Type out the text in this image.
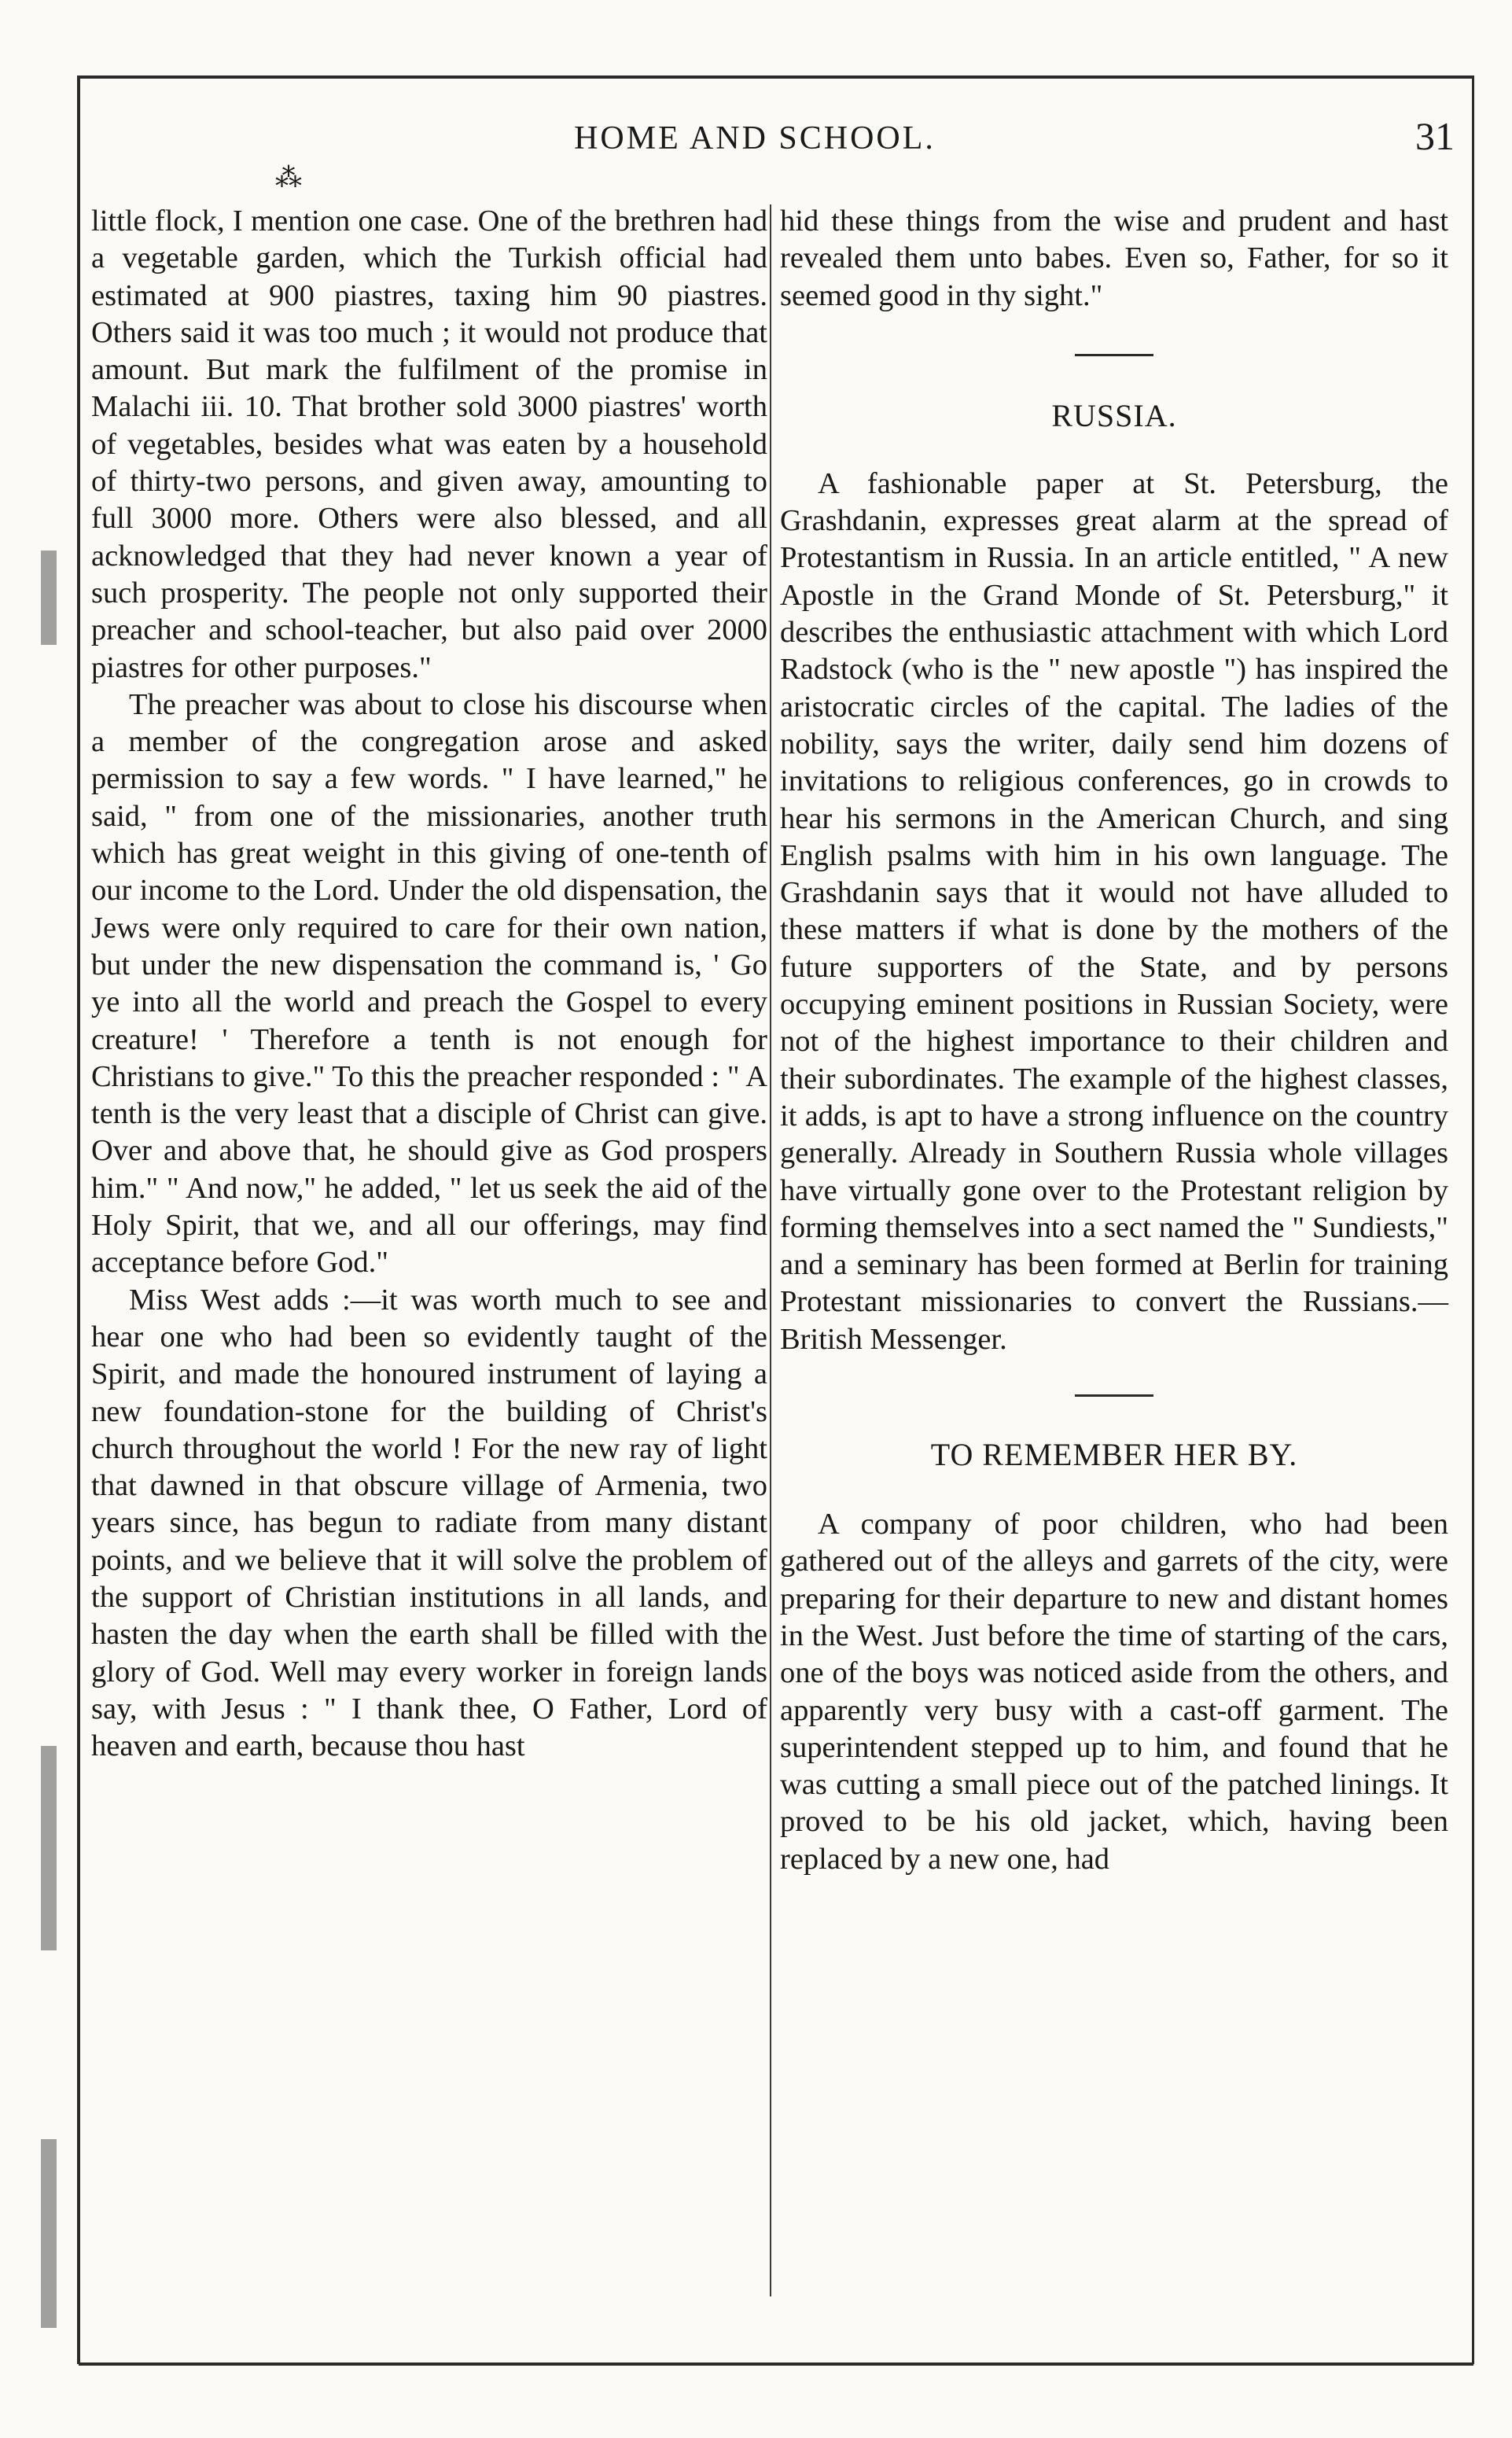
HOME AND SCHOOL.	31
⁂

little flock, I mention one case. One of the brethren had a vegetable garden, which the Turkish official had estimated at 900 piastres, taxing him 90 piastres. Others said it was too much ; it would not produce that amount. But mark the fulfilment of the promise in Malachi iii. 10. That brother sold 3000 piastres' worth of vegetables, besides what was eaten by a household of thirty-two persons, and given away, amounting to full 3000 more. Others were also blessed, and all acknowledged that they had never known a year of such prosperity. The people not only supported their preacher and school-teacher, but also paid over 2000 piastres for other purposes."

The preacher was about to close his discourse when a member of the congregation arose and asked permission to say a few words. " I have learned," he said, " from one of the missionaries, another truth which has great weight in this giving of one-tenth of our income to the Lord. Under the old dispensation, the Jews were only required to care for their own nation, but under the new dispensation the command is, ' Go ye into all the world and preach the Gospel to every creature! ' Therefore a tenth is not enough for Christians to give." To this the preacher responded : " A tenth is the very least that a disciple of Christ can give. Over and above that, he should give as God prospers him." " And now," he added, " let us seek the aid of the Holy Spirit, that we, and all our offerings, may find acceptance before God."

Miss West adds :—it was worth much to see and hear one who had been so evidently taught of the Spirit, and made the honoured instrument of laying a new foundation-stone for the building of Christ's church throughout the world ! For the new ray of light that dawned in that obscure village of Armenia, two years since, has begun to radiate from many distant points, and we believe that it will solve the problem of the support of Christian institutions in all lands, and hasten the day when the earth shall be filled with the glory of God. Well may every worker in foreign lands say, with Jesus : " I thank thee, O Father, Lord of heaven and earth, because thou hast

hid these things from the wise and prudent and hast revealed them unto babes. Even so, Father, for so it seemed good in thy sight."

RUSSIA.

A fashionable paper at St. Petersburg, the Grashdanin, expresses great alarm at the spread of Protestantism in Russia. In an article entitled, " A new Apostle in the Grand Monde of St. Petersburg," it describes the enthusiastic attachment with which Lord Radstock (who is the " new apostle ") has inspired the aristocratic circles of the capital. The ladies of the nobility, says the writer, daily send him dozens of invitations to religious conferences, go in crowds to hear his sermons in the American Church, and sing English psalms with him in his own language. The Grashdanin says that it would not have alluded to these matters if what is done by the mothers of the future supporters of the State, and by persons occupying eminent positions in Russian Society, were not of the highest importance to their children and their subordinates. The example of the highest classes, it adds, is apt to have a strong influence on the country generally. Already in Southern Russia whole villages have virtually gone over to the Protestant religion by forming themselves into a sect named the " Sundiests," and a seminary has been formed at Berlin for training Protestant missionaries to convert the Russians.—British Messenger.

TO REMEMBER HER BY.

A company of poor children, who had been gathered out of the alleys and garrets of the city, were preparing for their departure to new and distant homes in the West. Just before the time of starting of the cars, one of the boys was noticed aside from the others, and apparently very busy with a cast-off garment. The superintendent stepped up to him, and found that he was cutting a small piece out of the patched linings. It proved to be his old jacket, which, having been replaced by a new one, had
